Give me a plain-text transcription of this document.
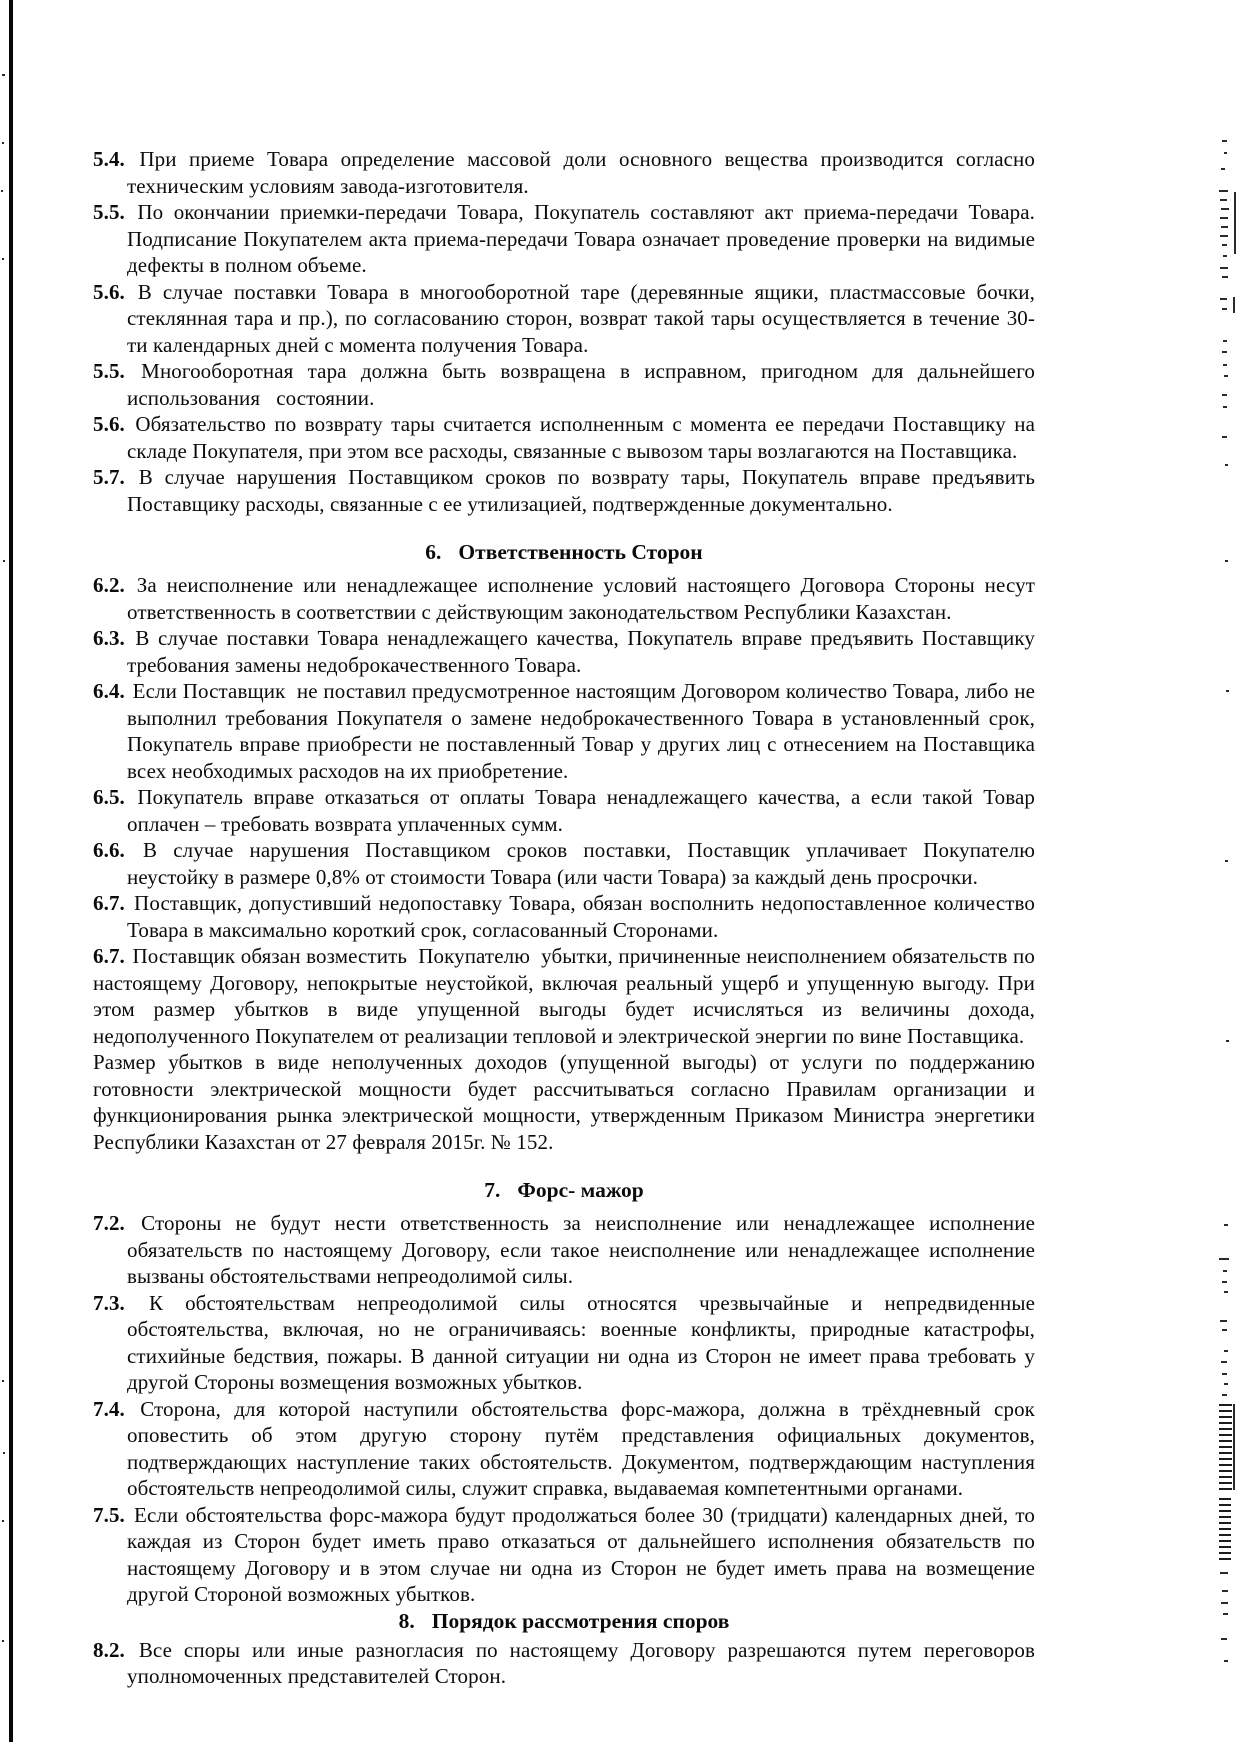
5.4. При приеме Товара определение массовой доли основного вещества производится согласно техническим условиям завода-изготовителя.
5.5. По окончании приемки-передачи Товара, Покупатель составляют акт приема-передачи Товара. Подписание Покупателем акта приема-передачи Товара означает проведение проверки на видимые дефекты в полном объеме.
5.6. В случае поставки Товара в многооборотной таре (деревянные ящики, пластмассовые бочки, стеклянная тара и пр.), по согласованию сторон, возврат такой тары осуществляется в течение 30-ти календарных дней с момента получения Товара.
5.5. Многооборотная тара должна быть возвращена в исправном, пригодном для дальнейшего использования   состоянии.
5.6. Обязательство по возврату тары считается исполненным с момента ее передачи Поставщику на складе Покупателя, при этом все расходы, связанные с вывозом тары возлагаются на Поставщика.
5.7. В случае нарушения Поставщиком сроков по возврату тары, Покупатель вправе предъявить Поставщику расходы, связанные с ее утилизацией, подтвержденные документально.
6. Ответственность Сторон
6.2. За неисполнение или ненадлежащее исполнение условий настоящего Договора Стороны несут ответственность в соответствии с действующим законодательством Республики Казахстан.
6.3. В случае поставки Товара ненадлежащего качества, Покупатель вправе предъявить Поставщику требования замены недоброкачественного Товара.
6.4. Если Поставщик  не поставил предусмотренное настоящим Договором количество Товара, либо не выполнил требования Покупателя о замене недоброкачественного Товара в установленный срок, Покупатель вправе приобрести не поставленный Товар у других лиц с отнесением на Поставщика всех необходимых расходов на их приобретение.
6.5. Покупатель вправе отказаться от оплаты Товара ненадлежащего качества, а если такой Товар оплачен – требовать возврата уплаченных сумм.
6.6. В случае нарушения Поставщиком сроков поставки, Поставщик уплачивает Покупателю неустойку в размере 0,8% от стоимости Товара (или части Товара) за каждый день просрочки.
6.7. Поставщик, допустивший недопоставку Товара, обязан восполнить недопоставленное количество Товара в максимально короткий срок, согласованный Сторонами.
6.7. Поставщик обязан возместить  Покупателю  убытки, причиненные неисполнением обязательств по настоящему Договору, непокрытые неустойкой, включая реальный ущерб и упущенную выгоду. При этом размер убытков в виде упущенной выгоды будет исчисляться из величины дохода, недополученного Покупателем от реализации тепловой и электрической энергии по вине Поставщика.
Размер убытков в виде неполученных доходов (упущенной выгоды) от услуги по поддержанию готовности электрической мощности будет рассчитываться согласно Правилам организации и функционирования рынка электрической мощности, утвержденным Приказом Министра энергетики Республики Казахстан от 27 февраля 2015г. № 152.
7. Форс- мажор
7.2. Стороны не будут нести ответственность за неисполнение или ненадлежащее исполнение обязательств по настоящему Договору, если такое неисполнение или ненадлежащее исполнение вызваны обстоятельствами непреодолимой силы.
7.3. К обстоятельствам непреодолимой силы относятся чрезвычайные и непредвиденные обстоятельства, включая, но не ограничиваясь: военные конфликты, природные катастрофы, стихийные бедствия, пожары. В данной ситуации ни одна из Сторон не имеет права требовать у другой Стороны возмещения возможных убытков.
7.4. Сторона, для которой наступили обстоятельства форс-мажора, должна в трёхдневный срок оповестить об этом другую сторону путём представления официальных документов, подтверждающих наступление таких обстоятельств. Документом, подтверждающим наступления обстоятельств непреодолимой силы, служит справка, выдаваемая компетентными органами.
7.5. Если обстоятельства форс-мажора будут продолжаться более 30 (тридцати) календарных дней, то каждая из Сторон будет иметь право отказаться от дальнейшего исполнения обязательств по настоящему Договору и в этом случае ни одна из Сторон не будет иметь права на возмещение другой Стороной возможных убытков.
8. Порядок рассмотрения споров
8.2. Все споры или иные разногласия по настоящему Договору разрешаются путем переговоров уполномоченных представителей Сторон.
